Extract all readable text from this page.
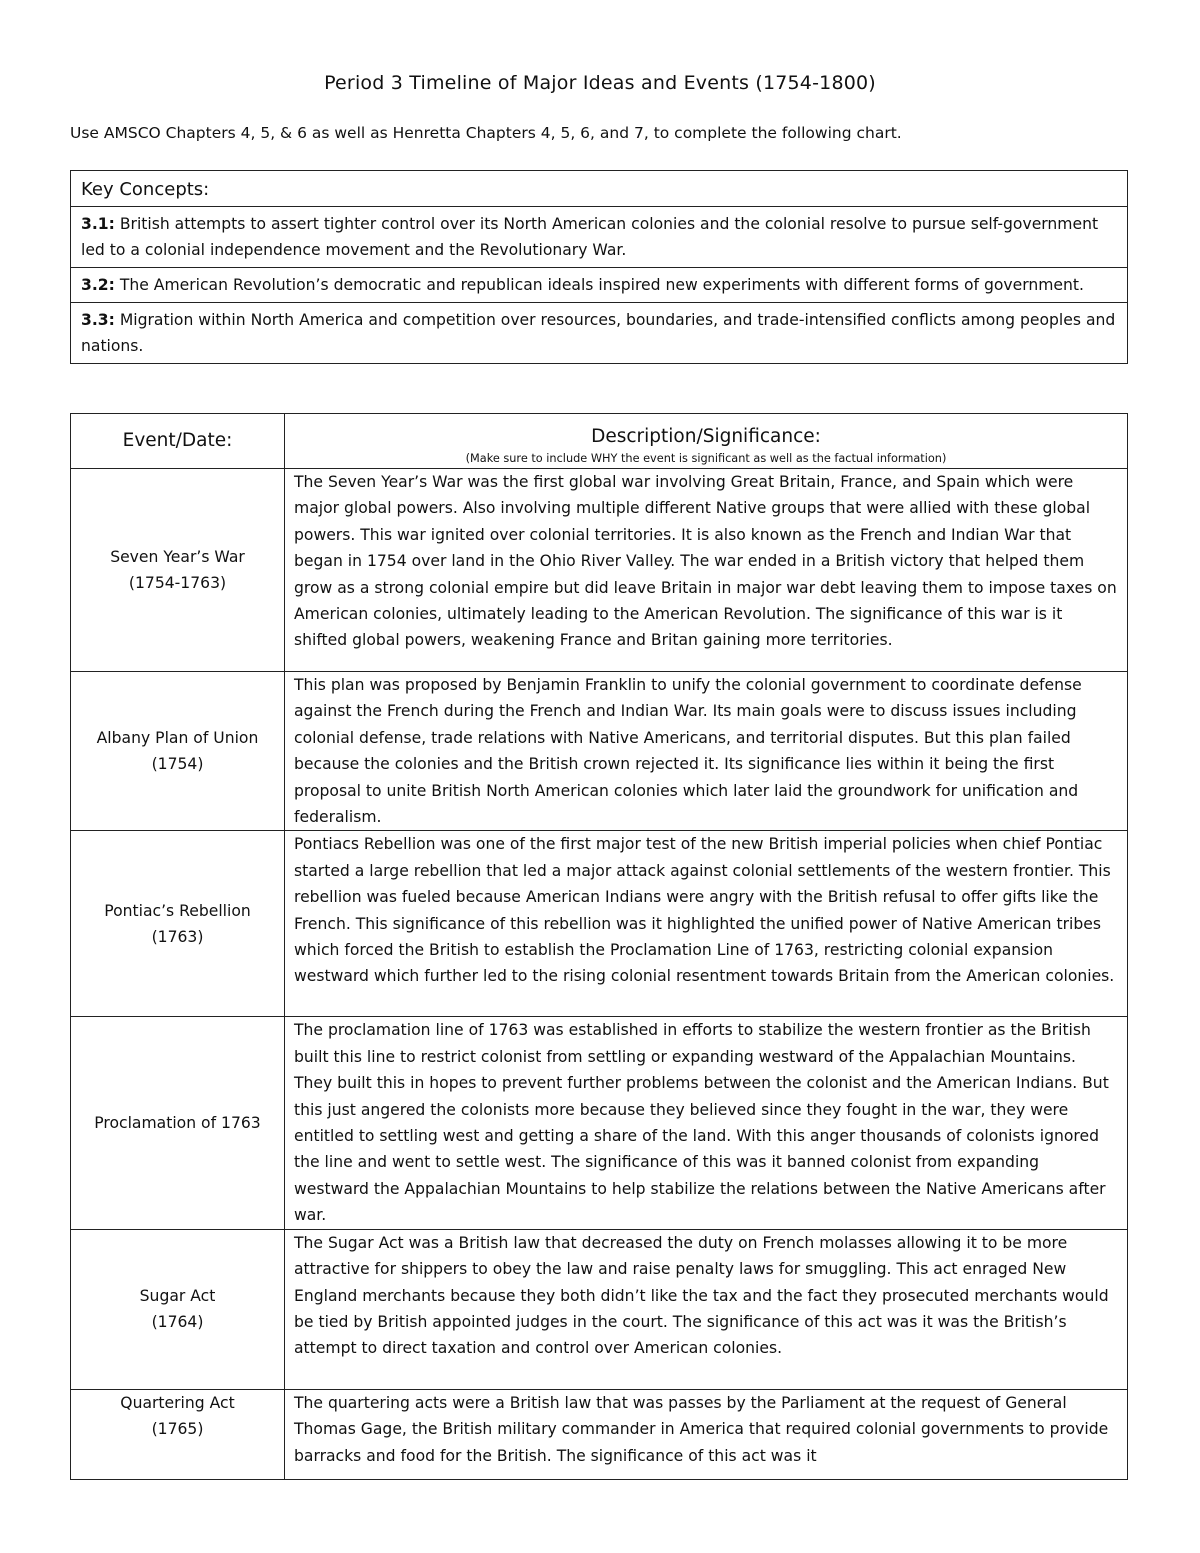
Period 3 Timeline of Major Ideas and Events (1754-1800)
Use AMSCO Chapters 4, 5, & 6 as well as Henretta Chapters 4, 5, 6, and 7, to complete the following chart.
Key Concepts:
3.1: British attempts to assert tighter control over its North American colonies and the colonial resolve to pursue self-government led to a colonial independence movement and the Revolutionary War.
3.2: The American Revolution’s democratic and republican ideals inspired new experiments with different forms of government.
3.3: Migration within North America and competition over resources, boundaries, and trade-intensified conflicts among peoples and nations.
Event/Date:	Description/Significance:
(Make sure to include WHY the event is significant as well as the factual information)

Seven Year’s War
(1754-1763)	The Seven Year’s War was the first global war involving Great Britain, France, and Spain which were major global powers. Also involving multiple different Native groups that were allied with these global powers. This war ignited over colonial territories. It is also known as the French and Indian War that began in 1754 over land in the Ohio River Valley. The war ended in a British victory that helped them grow as a strong colonial empire but did leave Britain in major war debt leaving them to impose taxes on American colonies, ultimately leading to the American Revolution. The significance of this war is it shifted global powers, weakening France and Britan gaining more territories.

Albany Plan of Union
(1754)	This plan was proposed by Benjamin Franklin to unify the colonial government to coordinate defense against the French during the French and Indian War. Its main goals were to discuss issues including colonial defense, trade relations with Native Americans, and territorial disputes. But this plan failed because the colonies and the British crown rejected it. Its significance lies within it being the first proposal to unite British North American colonies which later laid the groundwork for unification and federalism.

Pontiac’s Rebellion
(1763)	Pontiacs Rebellion was one of the first major test of the new British imperial policies when chief Pontiac started a large rebellion that led a major attack against colonial settlements of the western frontier. This rebellion was fueled because American Indians were angry with the British refusal to offer gifts like the French. This significance of this rebellion was it highlighted the unified power of Native American tribes which forced the British to establish the Proclamation Line of 1763, restricting colonial expansion westward which further led to the rising colonial resentment towards Britain from the American colonies.

Proclamation of 1763	The proclamation line of 1763 was established in efforts to stabilize the western frontier as the British built this line to restrict colonist from settling or expanding westward of the Appalachian Mountains. They built this in hopes to prevent further problems between the colonist and the American Indians. But this just angered the colonists more because they believed since they fought in the war, they were entitled to settling west and getting a share of the land. With this anger thousands of colonists ignored the line and went to settle west. The significance of this was it banned colonist from expanding westward the Appalachian Mountains to help stabilize the relations between the Native Americans after war.

Sugar Act
(1764)	The Sugar Act was a British law that decreased the duty on French molasses allowing it to be more attractive for shippers to obey the law and raise penalty laws for smuggling. This act enraged New England merchants because they both didn’t like the tax and the fact they prosecuted merchants would be tied by British appointed judges in the court. The significance of this act was it was the British’s attempt to direct taxation and control over American colonies.

Quartering Act
(1765)	The quartering acts were a British law that was passes by the Parliament at the request of General Thomas Gage, the British military commander in America that required colonial governments to provide barracks and food for the British. The significance of this act was it
